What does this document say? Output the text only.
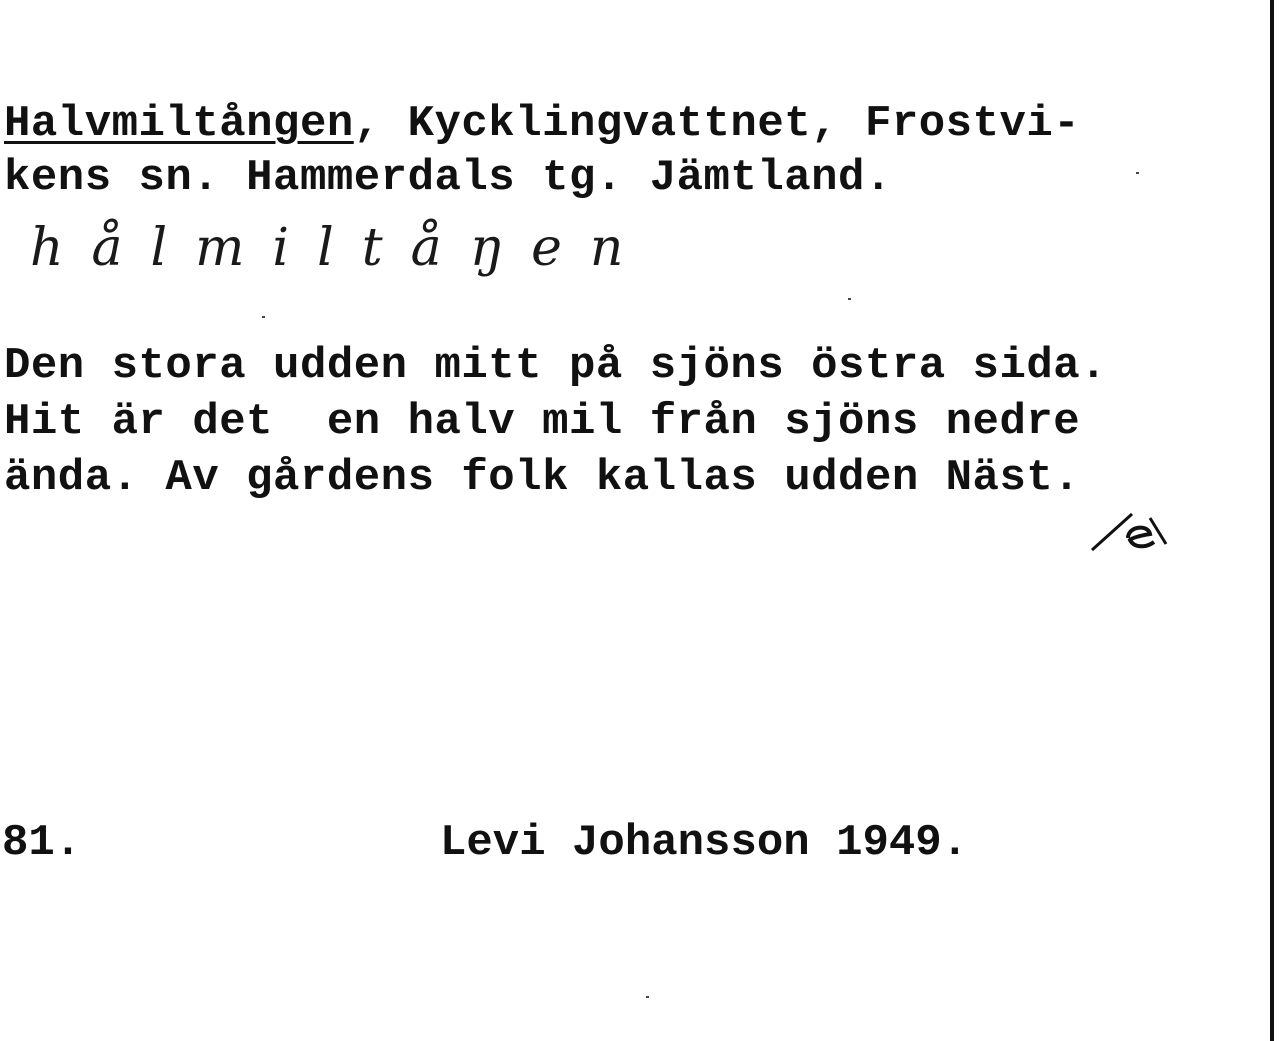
Halvmiltången, Kycklingvattnet, Frostvi-
kens sn. Hammerdals tg. Jämtland.
hålmiltåŋen
Den stora udden mitt på sjöns östra sida.
Hit är det  en halv mil från sjöns nedre
ända. Av gårdens folk kallas udden Näst.
81.	Levi Johansson 1949.
